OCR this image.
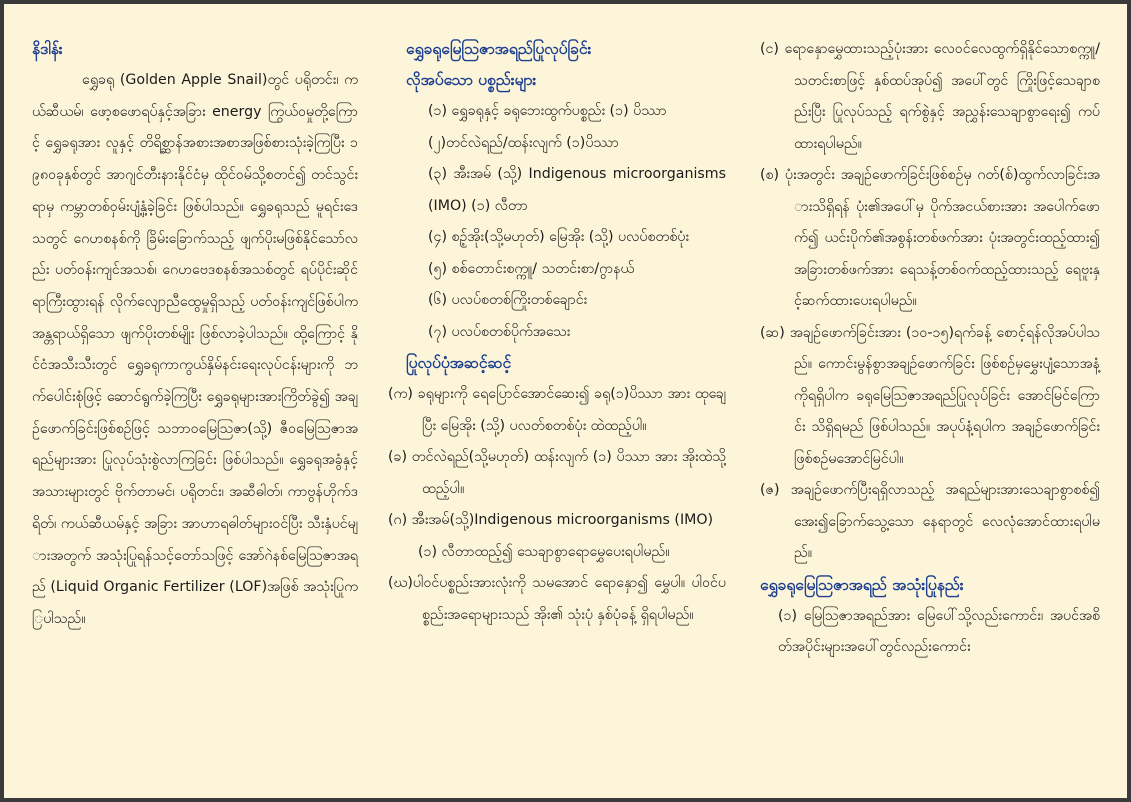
နိဒါန်း

ရွှေခရု (Golden Apple Snail)တွင် ပရိုတင်း၊ ကယ်ဆီယမ်၊ ဖော့စဖောရပ်နှင့်အခြား energy ကြွယ်ဝမှုတို့ကြောင့် ရွှေခရုအား လူနှင့် တိရိစ္ဆာန်အစားအစာအဖြစ်စားသုံးခဲ့ကြပြီး ၁၉၈၀ခုနှစ်တွင် အာဂျင်တီးနားနိုင်ငံမှ ထိုင်ဝမ်သို့စတင်၍ တင်သွင်းရာမှ ကမ္ဘာတစ်ဝှမ်းပျံ့နှံ့ခဲ့ခြင်း ဖြစ်ပါသည်။ ရွှေခရုသည် မူရင်းဒေသတွင် ဂေဟစနစ်ကို ခြိမ်းခြောက်သည့် ဖျက်ပိုးမဖြစ်နိုင်သော်လည်း ပတ်ဝန်းကျင်အသစ်၊ ဂေဟဗေဒစနစ်အသစ်တွင် ရပ်ပိုင်းဆိုင်ရာကြီးထွားရန် လိုက်လျောညီထွေမှုရှိသည့် ပတ်ဝန်းကျင်ဖြစ်ပါက အန္တရာယ်ရှိသော ဖျက်ပိုးတစ်မျိုး ဖြစ်လာခဲ့ပါသည်။ ထို့ကြောင့် နိုင်ငံအသီးသီးတွင် ရွှေခရုကာကွယ်နှိမ်နင်းရေးလုပ်ငန်းများကို ဘက်ပေါင်းစုံဖြင့် ဆောင်ရွက်ခဲ့ကြပြီး ရွှေခရုများအားကြိတ်ခွဲ၍ အချဉ်ဖောက်ခြင်းဖြစ်စဉ်ဖြင့် သဘာဝမြေဩဇာ(သို့) ဇီဝမြေဩဇာအရည်များအား ပြုလုပ်သုံးစွဲလာကြခြင်း ဖြစ်ပါသည်။ ရွှေခရုအခွံနှင့် အသားများတွင် ဗိုက်တာမင်၊ ပရိုတင်း၊ အဆီဓါတ်၊ ကာဗွန်ဟိုက်ဒရိတ်၊ ကယ်ဆီယမ်နှင့် အခြား အာဟာရဓါတ်များဝင်ပြီး သီးနှံပင်များအတွက် အသုံးပြုရန်သင့်တော်သဖြင့် အော်ဂဲနစ်မြေဩဇာအရည် (Liquid Organic Fertilizer (LOF)အဖြစ် အသုံးပြုကြပါသည်။

ရွှေခရုမြေဩဇာအရည်ပြုလုပ်ခြင်း
လိုအပ်သော ပစ္စည်းများ
(၁) ရွှေခရုနှင့် ခရုဘေးထွက်ပစ္စည်း (၁) ပိဿာ
(၂)တင်လဲရည်/ထန်းလျက် (၁)ပိဿာ
(၃) အီးအမ် (သို့) Indigenous microorganisms (IMO) (၁) လီတာ
(၄) စဉ့်အိုး(သို့မဟုတ်) မြေအိုး (သို့) ပလပ်စတစ်ပုံး
(၅) စစ်တောင်းစက္ကူ/ သတင်းစာ/ဂွာနယ်
(၆) ပလပ်စတစ်ကြိုးတစ်ချောင်း
(၇) ပလပ်စတစ်ပိုက်အသေး
ပြုလုပ်ပုံအဆင့်ဆင့်
(က) ခရုများကို ရေပြောင်အောင်ဆေး၍ ခရု(၁)ပိဿာ အား ထုချေပြီး မြေအိုး (သို့) ပလတ်စတစ်ပုံး ထဲထည့်ပါ။
(ခ) တင်လဲရည်(သို့မဟုတ်) ထန်းလျက် (၁) ပိဿာ အား အိုးထဲသို့ ထည့်ပါ။
(ဂ) အီးအမ်(သို့)Indigenous microorganisms (IMO)
(၁) လီတာထည့်၍ သေချာစွာရောမွှေပေးရပါမည်။
(ဃ)ပါဝင်ပစ္စည်းအားလုံးကို သမအောင် ရောနှော၍ မွှေပါ။ ပါဝင်ပစ္စည်းအရောများသည် အိုး၏ သုံးပုံ နှစ်ပုံခန့် ရှိရပါမည်။
(င) ရောနှောမွှေထားသည့်ပုံးအား လေဝင်လေထွက်ရှိနိုင်သောစက္ကူ/သတင်းစာဖြင့် နှစ်ထပ်အုပ်၍ အပေါ်တွင် ကြိုးဖြင့်သေချာစည်းပြီး ပြုလုပ်သည့် ရက်စွဲနှင့် အညွှန်းသေချာစွာရေး၍ ကပ်ထားရပါမည်။
(စ) ပုံးအတွင်း အချဉ်ဖောက်ခြင်းဖြစ်စဉ်မှ ဂတ်(စ်)ထွက်လာခြင်းအားသိရှိရန် ပုံး၏အပေါ်မှ ပိုက်အငယ်စားအား အပေါက်ဖောက်၍ ယင်းပိုက်၏အစွန်းတစ်ဖက်အား ပုံးအတွင်းထည့်ထား၍ အခြားတစ်ဖက်အား ရေသန့်တစ်ဝက်ထည့်ထားသည့် ရေဗူးနှင့်ဆက်ထားပေးရပါမည်။
(ဆ) အချဉ်ဖောက်ခြင်းအား (၁၀-၁၅)ရက်ခန့် စောင့်ရန်လိုအပ်ပါသည်။ ကောင်းမွန်စွာအချဉ်ဖောက်ခြင်း ဖြစ်စဉ်မှမွှေးပျံ့သောအနံ့ကိုရရှိပါက ခရုမြေဩဇာအရည်ပြုလုပ်ခြင်း အောင်မြင်ကြောင်း သိရှိရမည် ဖြစ်ပါသည်။ အပုပ်နံ့ရပါက အချဉ်ဖောက်ခြင်း ဖြစ်စဉ်မအောင်မြင်ပါ။
(ဇ) အချဉ်ဖောက်ပြီးရရှိလာသည့် အရည်များအားသေချာစွာစစ်၍ အေး၍ခြောက်သွေ့သော နေရာတွင် လေလုံအောင်ထားရပါမည်။
ရွှေခရုမြေဩဇာအရည် အသုံးပြုနည်း
(၁) မြေဩဇာအရည်အား မြေပေါ်သို့လည်းကောင်း၊ အပင်အစိတ်အပိုင်းများအပေါ်တွင်လည်းကောင်း
